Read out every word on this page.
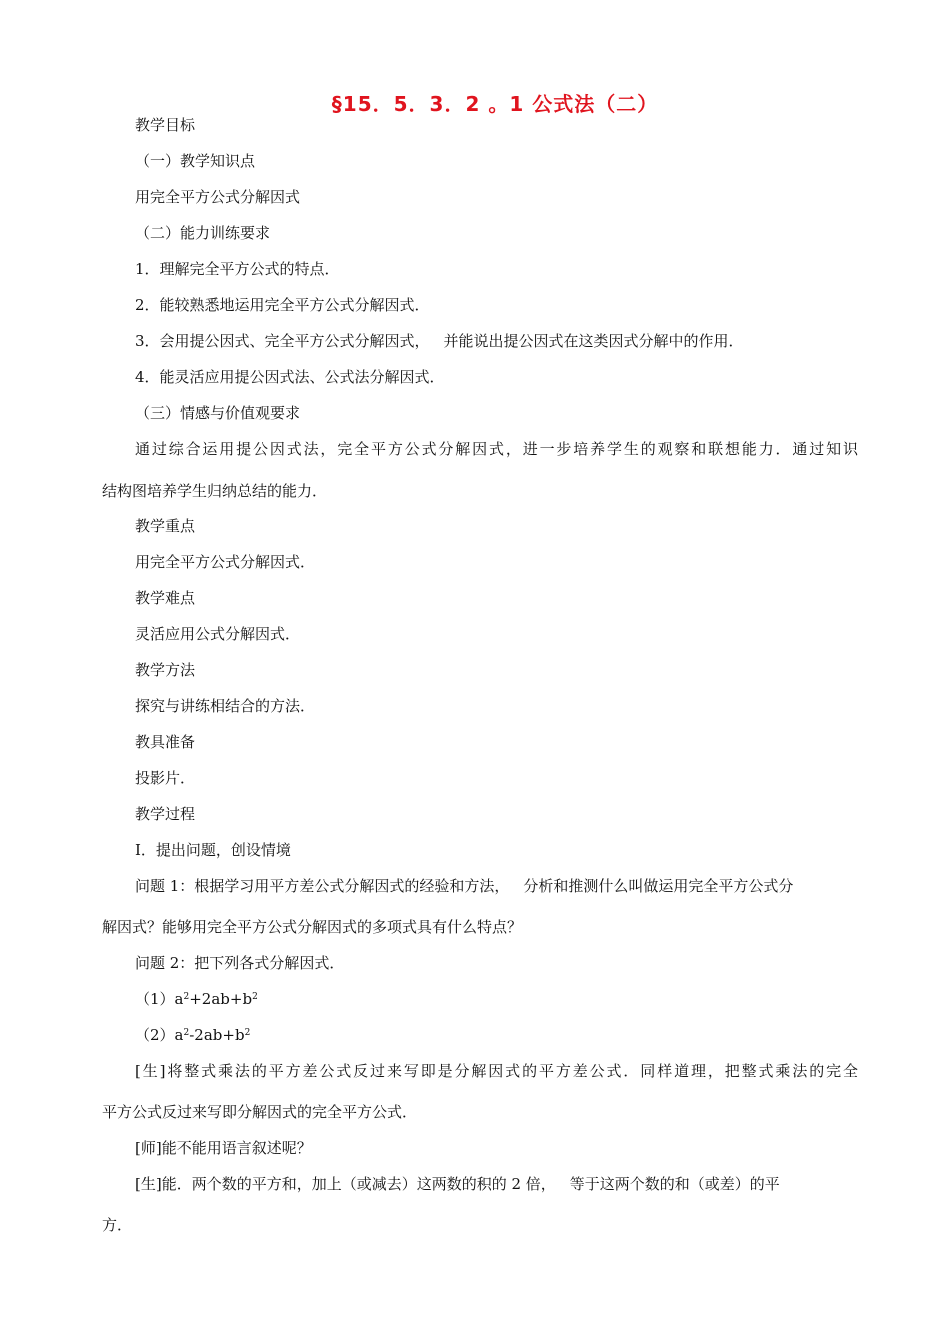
§15．5．3．2 。1 公式法（二）
教学目标
（一）教学知识点
用完全平方公式分解因式
（二）能力训练要求
1．理解完全平方公式的特点．
2．能较熟悉地运用完全平方公式分解因式．
3．会用提公因式、完全平方公式分解因式， 并能说出提公因式在这类因式分解中的作用．
4．能灵活应用提公因式法、公式法分解因式．
（三）情感与价值观要求
通过综合运用提公因式法，完全平方公式分解因式，进一步培养学生的观察和联想能力．通过知识
结构图培养学生归纳总结的能力．
教学重点
用完全平方公式分解因式．
教学难点
灵活应用公式分解因式．
教学方法
探究与讲练相结合的方法．
教具准备
投影片．
教学过程
Ⅰ．提出问题，创设情境
问题 1：根据学习用平方差公式分解因式的经验和方法， 分析和推测什么叫做运用完全平方公式分
解因式？能够用完全平方公式分解因式的多项式具有什么特点？
问题 2：把下列各式分解因式．
$(1)a^2+2ab+b^2$
$(2)a^2-2ab+b^2$
[生]将整式乘法的平方差公式反过来写即是分解因式的平方差公式．同样道理，把整式乘法的完全
平方公式反过来写即分解因式的完全平方公式．
[师]能不能用语言叙述呢？
[生]能．两个数的平方和，加上（或减去）这两数的积的 2 倍， 等于这两个数的和（或差）的平
方．
